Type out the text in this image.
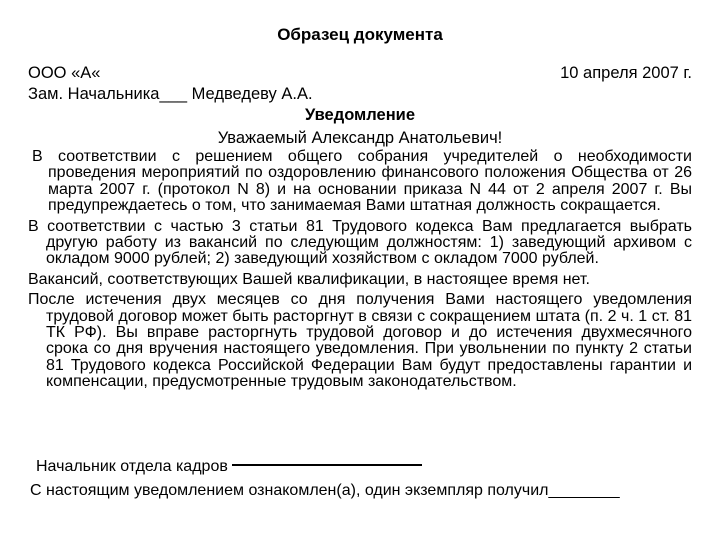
Образец документа
ООО «А«	10 апреля 2007 г.
Зам. Начальника___ Медведеву А.А.
Уведомление
Уважаемый Александр Анатольевич!

В соответствии с решением общего собрания учредителей о необходимости проведения мероприятий по оздоровлению финансового положения Общества от 26 марта 2007 г. (протокол N 8) и на основании приказа N 44 от 2 апреля 2007 г. Вы предупреждаетесь о том, что занимаемая Вами штатная должность сокращается.

В соответствии с частью 3 статьи 81 Трудового кодекса Вам предлагается выбрать другую работу из вакансий по следующим должностям: 1) заведующий архивом с окладом 9000 рублей; 2) заведующий хозяйством с окладом 7000 рублей.

Вакансий, соответствующих Вашей квалификации, в настоящее время нет.

После истечения двух месяцев со дня получения Вами настоящего уведомления трудовой договор может быть расторгнут в связи с сокращением штата (п. 2 ч. 1 ст. 81 ТК РФ). Вы вправе расторгнуть трудовой договор и до истечения двухмесячного срока со дня вручения настоящего уведомления. При увольнении по пункту 2 статьи 81 Трудового кодекса Российской Федерации Вам будут предоставлены гарантии и компенсации, предусмотренные трудовым законодательством.

Начальник отдела кадров
С настоящим уведомлением ознакомлен(а), один экземпляр получил________
